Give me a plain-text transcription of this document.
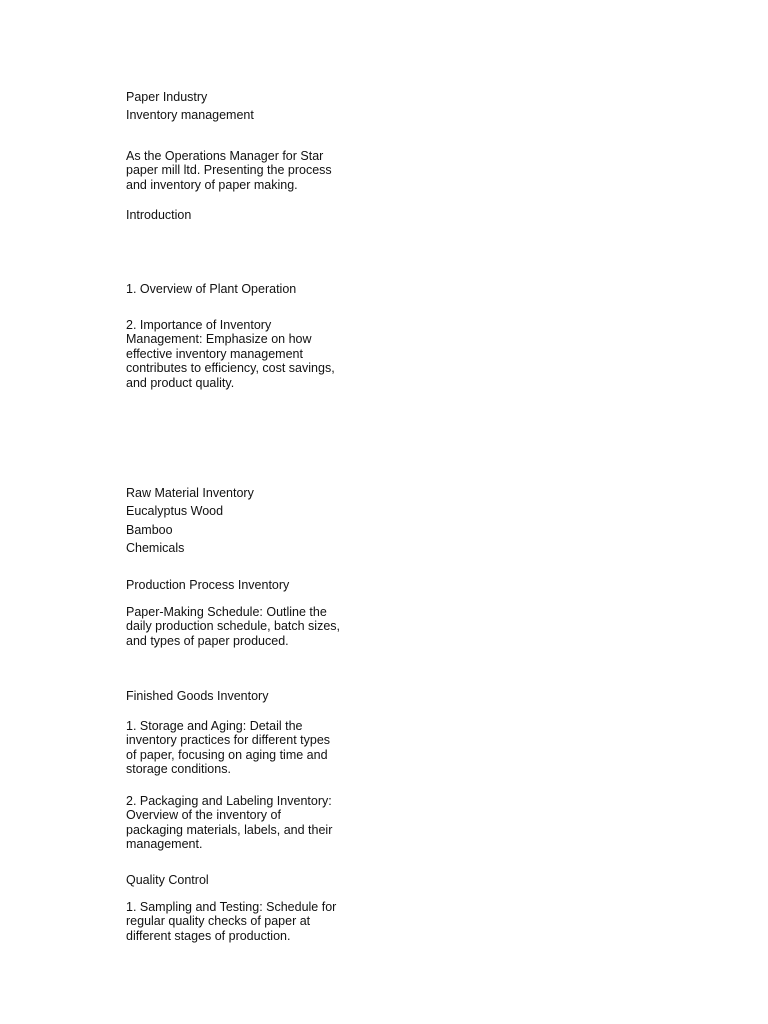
Paper Industry

Inventory management

As the Operations Manager for Star
paper mill ltd. Presenting the process
and inventory of paper making.

Introduction

1. Overview of Plant Operation

2. Importance of Inventory
Management: Emphasize on how
effective inventory management
contributes to efficiency, cost savings,
and product quality.

Raw Material Inventory

Eucalyptus Wood

Bamboo

Chemicals

Production Process Inventory

Paper-Making Schedule: Outline the
daily production schedule, batch sizes,
and types of paper produced.

Finished Goods Inventory

1. Storage and Aging: Detail the
inventory practices for different types
of paper, focusing on aging time and
storage conditions.

2. Packaging and Labeling Inventory:
Overview of the inventory of
packaging materials, labels, and their
management.

Quality Control

1. Sampling and Testing: Schedule for
regular quality checks of paper at
different stages of production.
